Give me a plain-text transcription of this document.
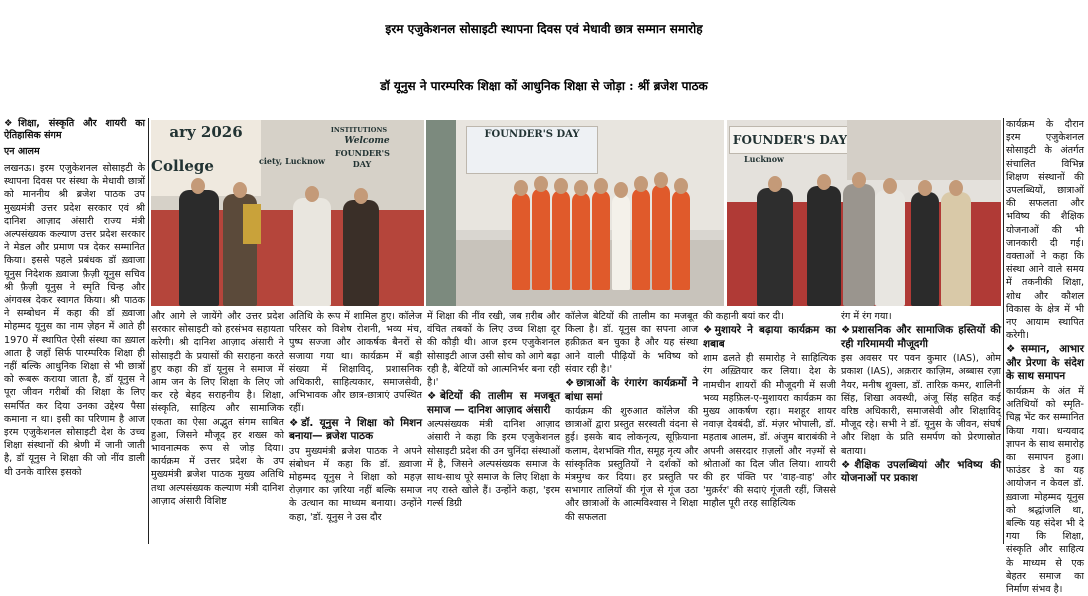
इरम एजुकेशनल सोसाइटी स्थापना दिवस एवं मेधावी छात्र सम्मान समारोह
डॉ यूनुस ने पारम्परिक शिक्षा कों आधुनिक शिक्षा से जोड़ा : श्रीं ब्रजेश पाठक
❖शिक्षा, संस्कृति और शायरी का ऐतिहासिक संगम
एन आलम

लखनऊ। इरम एजुकेशनल सोसाइटी के स्थापना दिवस पर संस्था के मेधावी छात्रों को माननीय श्री ब्रजेश पाठक उप मुख्यमंत्री उत्तर प्रदेश सरकार एवं श्री दानिश आज़ाद अंसारी राज्य मंत्री अल्पसंख्यक कल्याण उत्तर प्रदेश सरकार ने मेडल और प्रमाण पत्र देकर सम्मानित किया। इससे पहले प्रबंधक डॉ ख़्वाजा यूनुस निदेशक ख़्वाजा फ़ैज़ी यूनुस सचिव श्री फ़ैज़ी यूनुस ने स्मृति चिन्ह और अंगवस्त्र देकर स्वागत किया। श्री पाठक ने सम्बोधन में कहा की डॉ ख़्वाजा मोहम्मद यूनुस का नाम ज़ेहन में आते ही 1970 में स्थापित ऐसी संस्था का ख़्याल आता है जहाँ सिर्फ पारम्परिक शिक्षा ही नहीं बल्कि आधुनिक शिक्षा से भी छात्रों को रूबरू कराया जाता है, डॉ यूनुस ने पूरा जीवन गरीबों की शिक्षा के लिए समर्पित कर दिया उनका उद्देश्य पैसा कमाना न था। इसी का परिणाम है आज इरम एजुकेशनल सोसाइटी देश के उच्च शिक्षा संस्थानों की श्रेणी में जानी जाती है, डॉ यूनुस ने शिक्षा की जो नींव डाली थी उनके वारिस इसको

ary 2026
College	ciety, Lucknow
INSTITUTIONS
Welcome
FOUNDER'S DAY
FOUNDER'S DAY	FOUNDER'S DAY
Lucknow

कार्यक्रम के दौरान इरम एजुकेशनल सोसाइटी के अंतर्गत संचालित विभिन्न शिक्षण संस्थानों की उपलब्धियों, छात्राओं की सफलता और भविष्य की शैक्षिक योजनाओं की भी जानकारी दी गई। वक्ताओं ने कहा कि संस्था आने वाले समय में तकनीकी शिक्षा, शोध और कौशल विकास के क्षेत्र में भी नए आयाम स्थापित करेगी।

❖सम्मान, आभार और प्रेरणा के संदेश के साथ समापन

कार्यक्रम के अंत में अतिथियों को स्मृति-चिह्न भेंट कर सम्मानित किया गया। धन्यवाद ज्ञापन के साथ समारोह का समापन हुआ। फाउंडर डे का यह आयोजन न केवल डॉ. ख़्वाजा मोहम्मद यूनुस को श्रद्धांजलि था, बल्कि यह संदेश भी दे गया कि शिक्षा, संस्कृति और साहित्य के माध्यम से एक बेहतर समाज का निर्माण संभव है।

और आगे ले जायेंगे और उत्तर प्रदेश सरकार सोसाइटी को हरसंभव सहायता करेगी। श्री दानिश आज़ाद अंसारी ने सोसाइटी के प्रयासों की सराहना करते हुए कहा की डॉ यूनुस ने समाज में आम जन के लिए शिक्षा के लिए जो कर रहे बेहद सराहनीय है। शिक्षा, संस्कृति, साहित्य और सामाजिक एकता का ऐसा अद्भुत संगम साबित हुआ, जिसने मौजूद हर शख्स को भावनात्मक रूप से जोड़ दिया। कार्यक्रम में उत्तर प्रदेश के उप मुख्यमंत्री ब्रजेश पाठक मुख्य अतिथि तथा अल्पसंख्यक कल्याण मंत्री दानिश आज़ाद अंसारी विशिष्ट

अतिथि के रूप में शामिल हुए। कॉलेज परिसर को विशेष रोशनी, भव्य मंच, पुष्प सज्जा और आकर्षक बैनरों से सजाया गया था। कार्यक्रम में बड़ी संख्या में शिक्षाविद्, प्रशासनिक अधिकारी, साहित्यकार, समाजसेवी, अभिभावक और छात्र-छात्राएं उपस्थित रहीं।

❖डॉ. यूनुस ने शिक्षा को मिशन बनाया— ब्रजेश पाठक

उप मुख्यमंत्री ब्रजेश पाठक ने अपने संबोधन में कहा कि डॉ. ख़्वाजा मोहम्मद यूनुस ने शिक्षा को महज़ रोज़गार का ज़रिया नहीं बल्कि समाज के उत्थान का माध्यम बनाया। उन्होंने कहा, 'डॉ. यूनुस ने उस दौर

में शिक्षा की नींव रखी, जब ग़रीब और वंचित तबकों के लिए उच्च शिक्षा दूर की कौड़ी थी। आज इरम एजुकेशनल सोसाइटी आज उसी सोच को आगे बढ़ा रही है, बेटियों को आत्मनिर्भर बना रही है।'

❖बेटियों की तालीम स मजबूत समाज — दानिश आज़ाद अंसारी

अल्पसंख्यक मंत्री दानिश आज़ाद अंसारी ने कहा कि इरम एजुकेशनल सोसाइटी प्रदेश की उन चुनिंदा संस्थाओं में है, जिसने अल्पसंख्यक समाज के साथ-साथ पूरे समाज के लिए शिक्षा के नए रास्ते खोले हैं। उन्होंने कहा, 'इरम गर्ल्स डिग्री

कॉलेज बेटियों की तालीम का मजबूत किला है। डॉ. यूनुस का सपना आज हक़ीक़त बन चुका है और यह संस्था आने वाली पीढ़ियों के भविष्य को संवार रही है।'

❖छात्राओं के रंगारंग कार्यक्रमों ने बांधा समां

कार्यक्रम की शुरुआत कॉलेज की छात्राओं द्वारा प्रस्तुत सरस्वती वंदना से हुई। इसके बाद लोकनृत्य, सूफ़ियाना कलाम, देशभक्ति गीत, समूह नृत्य और सांस्कृतिक प्रस्तुतियों ने दर्शकों को मंत्रमुग्ध कर दिया। हर प्रस्तुति पर सभागार तालियों की गूंज से गूंज उठा और छात्राओं के आत्मविश्वास ने शिक्षा की सफलता

की कहानी बयां कर दी।

❖मुशायरे ने बढ़ाया कार्यक्रम का शबाब

शाम ढलते ही समारोह ने साहित्यिक रंग अख़्तियार कर लिया। देश के नामचीन शायरों की मौजूदगी में सजी भव्य महफ़िल-ए-मुशायरा कार्यक्रम का मुख्य आकर्षण रहा। मशहूर शायर नवाज़ देवबंदी, डॉ. मंज़र भोपाली, डॉ. महताब आलम, डॉ. अंजुम बाराबंकी ने अपनी असरदार ग़ज़लों और नज़्मों से श्रोताओं का दिल जीत लिया। शायरी की हर पंक्ति पर 'वाह-वाह' और 'मुक़र्रर' की सदाएं गूंजती रहीं, जिससे माहौल पूरी तरह साहित्यिक

रंग में रंग गया।

❖प्रशासनिक और सामाजिक हस्तियों की रही गरिमामयी मौजूदगी

इस अवसर पर पवन कुमार (IAS), ओम प्रकाश (IAS), अक़रार काज़िम, अब्बास रज़ा नैयर, मनीष शुक्ला, डॉ. तारिक़ कमर, शालिनी सिंह, शिखा अवस्थी, अंजू सिंह सहित कई वरिष्ठ अधिकारी, समाजसेवी और शिक्षाविद् मौजूद रहे। सभी ने डॉ. यूनुस के जीवन, संघर्ष और शिक्षा के प्रति समर्पण को प्रेरणास्रोत बताया।

❖शैक्षिक उपलब्धियां और भविष्य की योजनाओं पर प्रकाश
